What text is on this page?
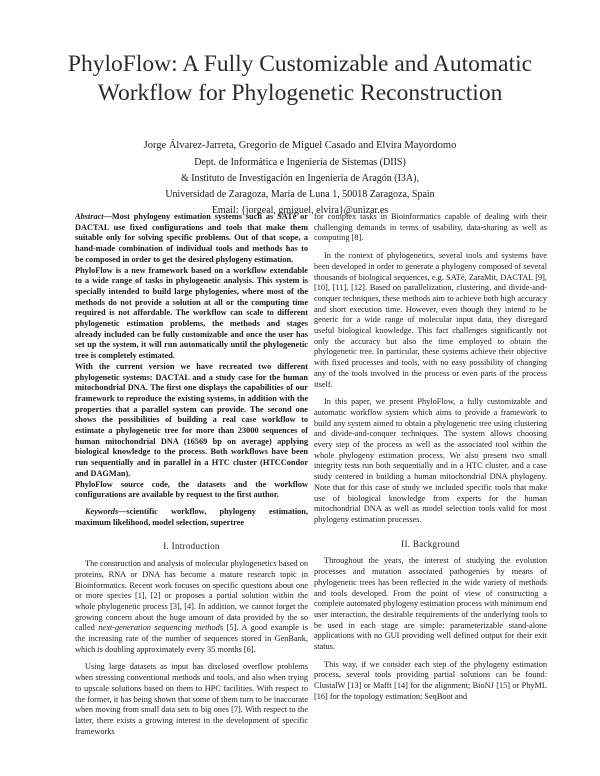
PhyloFlow: A Fully Customizable and Automatic
Workflow for Phylogenetic Reconstruction
Jorge Álvarez-Jarreta, Gregorio de Miguel Casado and Elvira Mayordomo
Dept. de Informática e Ingeniería de Sistemas (DIIS)
& Instituto de Investigación en Ingeniería de Aragón (I3A),
Universidad de Zaragoza, María de Luna 1, 50018 Zaragoza, Spain
Email: {jorgeal, gmiguel, elvira}@unizar.es

Abstract—Most phylogeny estimation systems such as SATé or DACTAL use fixed configurations and tools that make them suitable only for solving specific problems. Out of that scope, a hand-made combination of individual tools and methods has to be composed in order to get the desired phylogeny estimation.

PhyloFlow is a new framework based on a workflow extendable to a wide range of tasks in phylogenetic analysis. This system is specially intended to build large phylogenies, where most of the methods do not provide a solution at all or the computing time required is not affordable. The workflow can scale to different phylogenetic estimation problems, the methods and stages already included can be fully customizable and once the user has set up the system, it will run automatically until the phylogenetic tree is completely estimated.

With the current version we have recreated two different phylogenetic systems: DACTAL and a study case for the human mitochondrial DNA. The first one displays the capabilities of our framework to reproduce the existing systems, in addition with the properties that a parallel system can provide. The second one shows the possibilities of building a real case workflow to estimate a phylogenetic tree for more than 23000 sequences of human mitochondrial DNA (16569 bp on average) applying biological knowledge to the process. Both workflows have been run sequentially and in parallel in a HTC cluster (HTCCondor and DAGMan).

PhyloFlow source code, the datasets and the workflow configurations are available by request to the first author.

Keywords—scientific workflow, phylogeny estimation, maximum likelihood, model selection, supertree

I. Introduction

The construction and analysis of molecular phylogenetics based on proteins, RNA or DNA has become a mature research topic in Bioinformatics. Recent work focuses on specific questions about one or more species [1], [2] or proposes a partial solution within the whole phylogenetic process [3], [4]. In addition, we cannot forget the growing concern about the huge amount of data provided by the so called next-generation sequencing methods [5]. A good example is the increasing rate of the number of sequences stored in GenBank, which is doubling approximately every 35 months [6].

Using large datasets as input has disclosed overflow problems when stressing conventional methods and tools, and also when trying to upscale solutions based on them to HPC facilities. With respect to the former, it has being shown that some of them turn to be inaccurate when moving from small data sets to big ones [7]. With respect to the latter, there exists a growing interest in the development of specific frameworks

for complex tasks in Bioinformatics capable of dealing with their challenging demands in terms of usability, data-sharing as well as computing [8].

In the context of phylogenetics, several tools and systems have been developed in order to generate a phylogeny composed of several thousands of biological sequences, e.g. SATé, ZaraMit, DACTAL [9], [10], [11], [12]. Based on parallelization, clustering, and divide-and-conquer techniques, these methods aim to achieve both high accuracy and short execution time. However, even though they intend to be generic for a wide range of molecular input data, they disregard useful biological knowledge. This fact challenges significantly not only the accuracy but also the time employed to obtain the phylogenetic tree. In particular, these systems achieve their objective with fixed processes and tools, with no easy possibility of changing any of the tools involved in the process or even parts of the process itself.

In this paper, we present PhyloFlow, a fully customizable and automatic workflow system which aims to provide a framework to build any system aimed to obtain a phylogenetic tree using clustering and divide-and-conquer techniques. The system allows choosing every step of the process as well as the associated tool within the whole phylogeny estimation process. We also present two small integrity tests run both sequentially and in a HTC cluster, and a case study centered in building a human mitochondrial DNA phylogeny. Note that for this case of study we included specific tools that make use of biological knowledge from experts for the human mitochondrial DNA as well as model selection tools valid for most phylogeny estimation processes.

II. Background

Throughout the years, the interest of studying the evolution processes and mutation associated pathogenies by means of phylogenetic trees has been reflected in the wide variety of methods and tools developed. From the point of view of constructing a complete automated phylogeny estimation process with minimum end user interaction, the desirable requirements of the underlying tools to be used in each stage are simple: parameterizable stand-alone applications with no GUI providing well defined output for their exit status.

This way, if we consider each step of the phylogeny estimation process, several tools providing partial solutions can be found: ClustalW [13] or Mafft [14] for the alignment; BioNJ [15] or PhyML [16] for the topology estimation; SeqBoot and
